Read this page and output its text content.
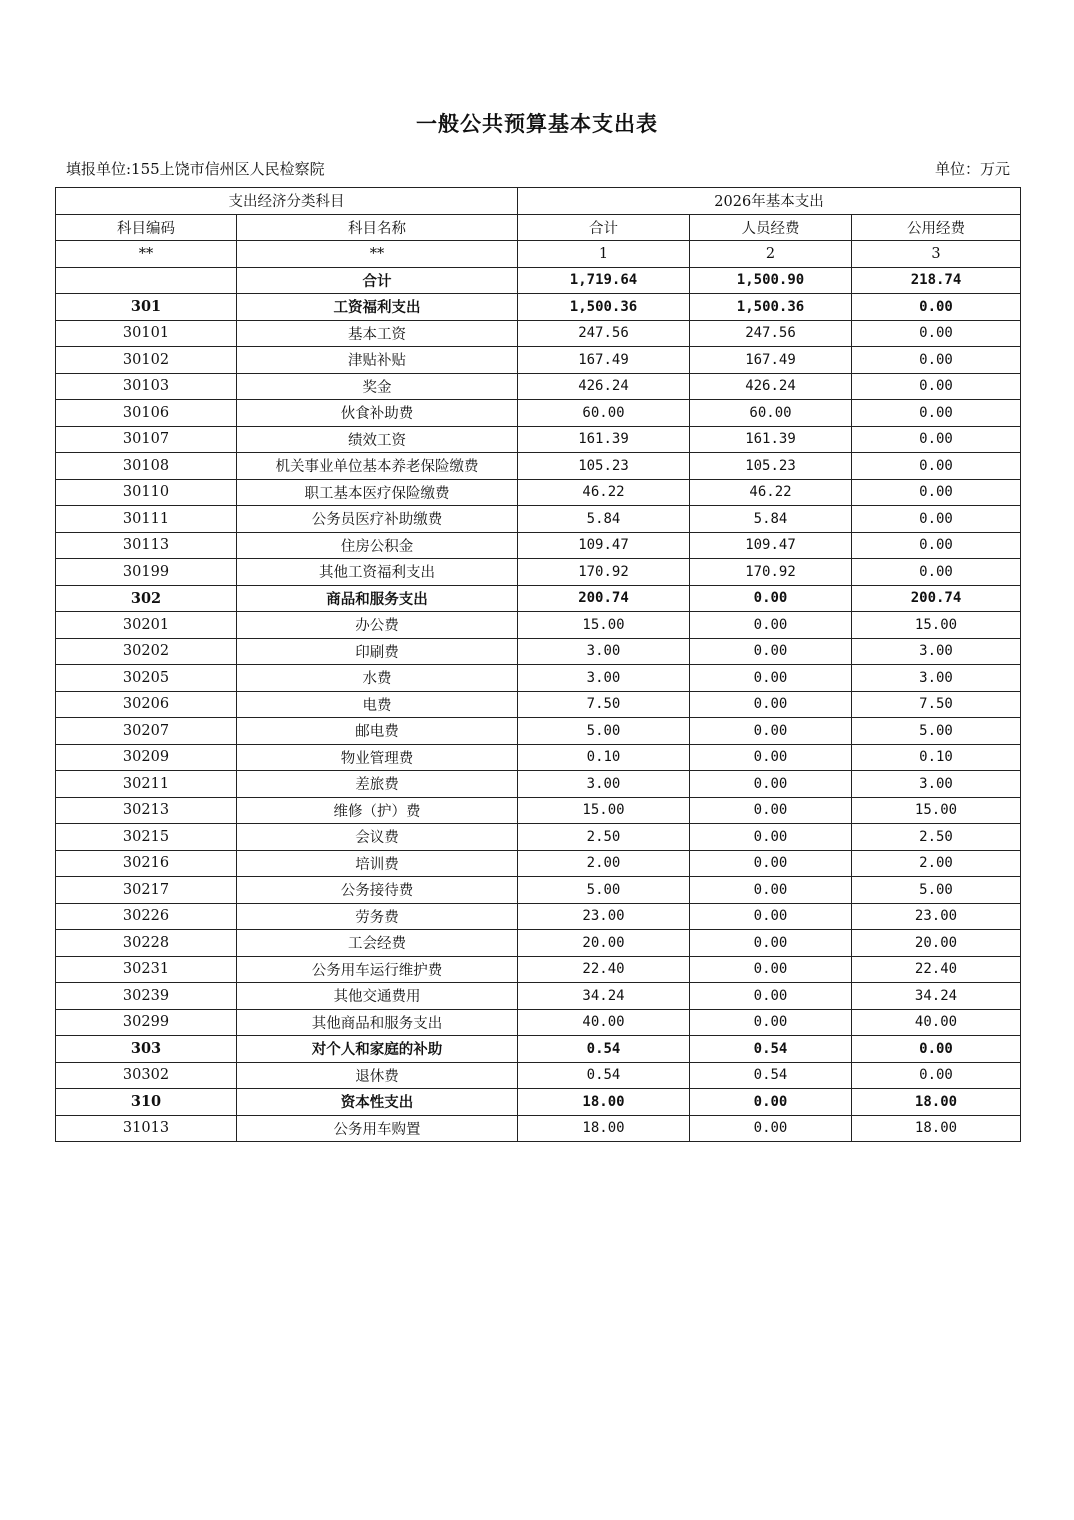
一般公共预算基本支出表
填报单位:155上饶市信州区人民检察院	单位：万元
支出经济分类科目		2026年基本支出		
科目编码	科目名称	合计	人员经费	公用经费
**	**	1	2	3
	合计	1,719.64	1,500.90	218.74
301	工资福利支出	1,500.36	1,500.36	0.00
30101	基本工资	247.56	247.56	0.00
30102	津贴补贴	167.49	167.49	0.00
30103	奖金	426.24	426.24	0.00
30106	伙食补助费	60.00	60.00	0.00
30107	绩效工资	161.39	161.39	0.00
30108	机关事业单位基本养老保险缴费	105.23	105.23	0.00
30110	职工基本医疗保险缴费	46.22	46.22	0.00
30111	公务员医疗补助缴费	5.84	5.84	0.00
30113	住房公积金	109.47	109.47	0.00
30199	其他工资福利支出	170.92	170.92	0.00
302	商品和服务支出	200.74	0.00	200.74
30201	办公费	15.00	0.00	15.00
30202	印刷费	3.00	0.00	3.00
30205	水费	3.00	0.00	3.00
30206	电费	7.50	0.00	7.50
30207	邮电费	5.00	0.00	5.00
30209	物业管理费	0.10	0.00	0.10
30211	差旅费	3.00	0.00	3.00
30213	维修（护）费	15.00	0.00	15.00
30215	会议费	2.50	0.00	2.50
30216	培训费	2.00	0.00	2.00
30217	公务接待费	5.00	0.00	5.00
30226	劳务费	23.00	0.00	23.00
30228	工会经费	20.00	0.00	20.00
30231	公务用车运行维护费	22.40	0.00	22.40
30239	其他交通费用	34.24	0.00	34.24
30299	其他商品和服务支出	40.00	0.00	40.00
303	对个人和家庭的补助	0.54	0.54	0.00
30302	退休费	0.54	0.54	0.00
310	资本性支出	18.00	0.00	18.00
31013	公务用车购置	18.00	0.00	18.00
